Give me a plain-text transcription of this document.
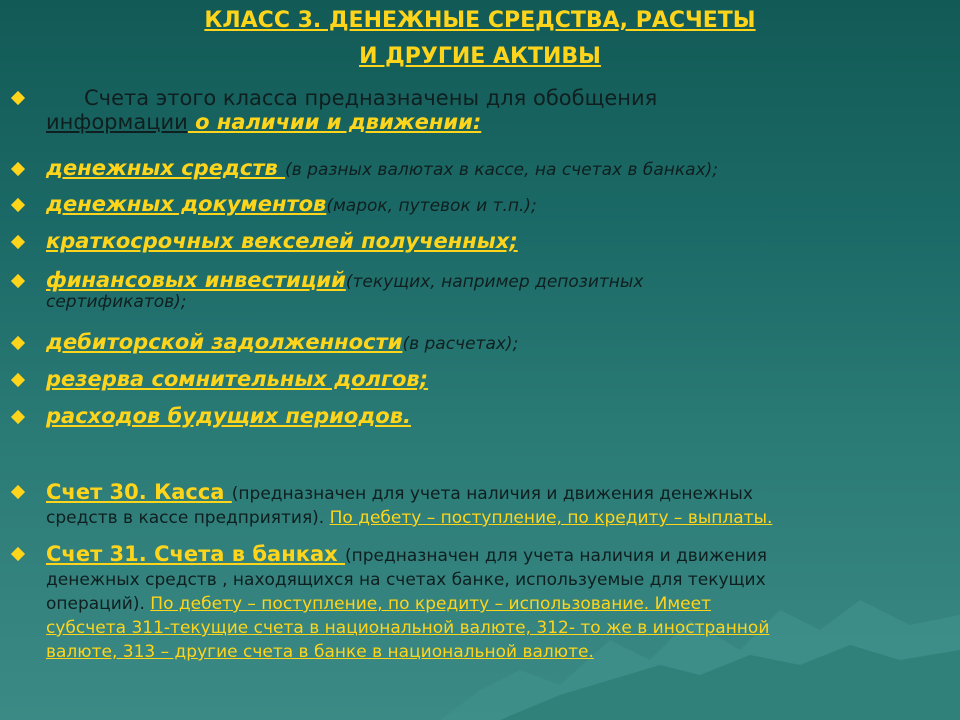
КЛАСС 3. ДЕНЕЖНЫЕ СРЕДСТВА, РАСЧЕТЫ
И ДРУГИЕ АКТИВЫ
Счета этого класса предназначены для обобщения
информации о наличии и движении:
денежных средств (в разных валютах в кассе, на счетах в банках);
денежных документов(марок, путевок и т.п.);
краткосрочных векселей полученных;
финансовых инвестиций(текущих, например депозитных
сертификатов);
дебиторской задолженности(в расчетах);
резерва сомнительных долгов;
расходов будущих периодов.
Счет 30. Касса (предназначен для учета наличия и движения денежных
средств в кассе предприятия). По дебету – поступление, по кредиту – выплаты.
Счет 31. Счета в банках (предназначен для учета наличия и движения
денежных средств , находящихся на счетах банке, используемые для текущих
операций). По дебету – поступление, по кредиту – использование. Имеет
субсчета 311-текущие счета в национальной валюте, 312- то же в иностранной
валюте, 313 – другие счета в банке в национальной валюте.
